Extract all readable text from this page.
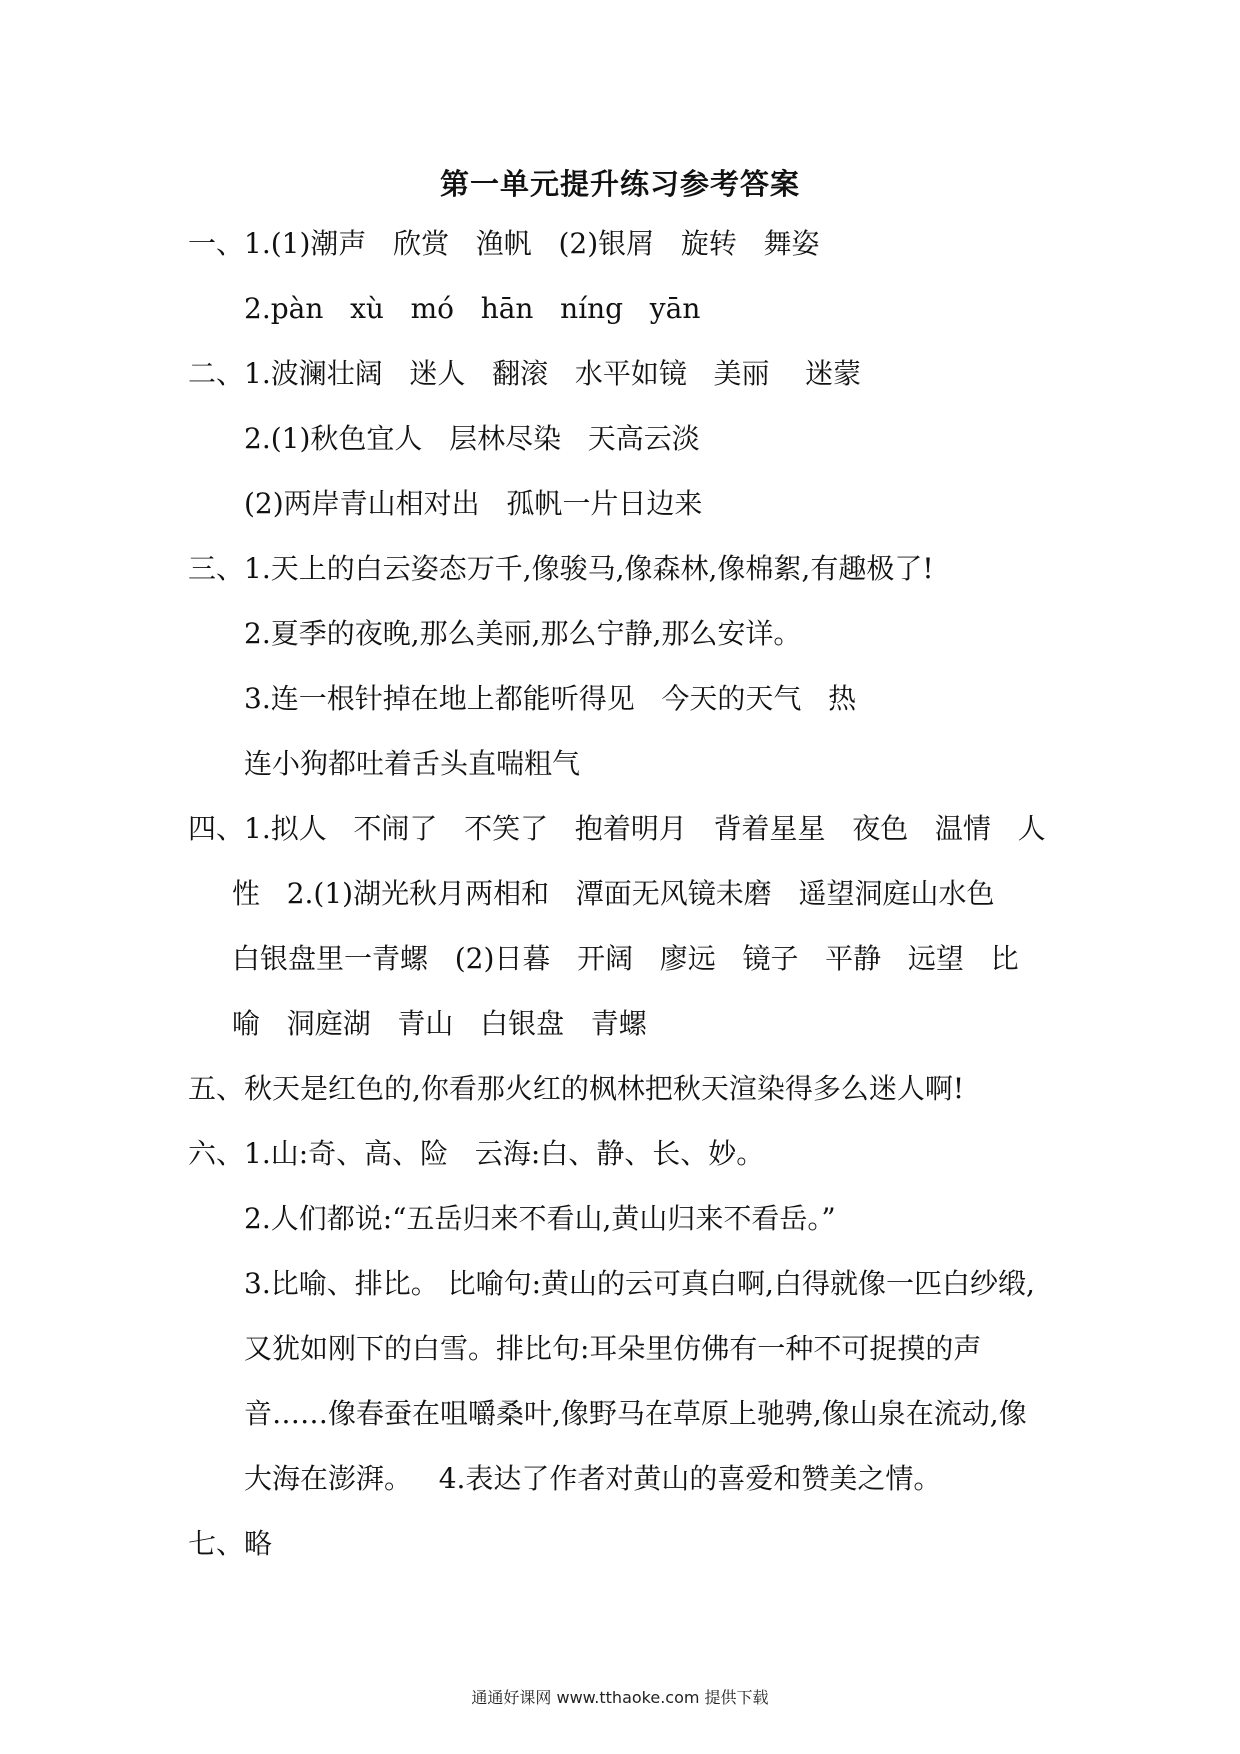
第一单元提升练习参考答案
一、1.(1)潮声   欣赏   渔帆   (2)银屑   旋转   舞姿
2.pàn   xù   mó   hān   níng   yān
二、1.波澜壮阔   迷人   翻滚   水平如镜   美丽    迷蒙
2.(1)秋色宜人   层林尽染   天高云淡
(2)两岸青山相对出   孤帆一片日边来
三、1.天上的白云姿态万千,像骏马,像森林,像棉絮,有趣极了!
2.夏季的夜晚,那么美丽,那么宁静,那么安详。
3.连一根针掉在地上都能听得见   今天的天气   热
连小狗都吐着舌头直喘粗气
四、1.拟人   不闹了   不笑了   抱着明月   背着星星   夜色   温情   人
性   2.(1)湖光秋月两相和   潭面无风镜未磨   遥望洞庭山水色
白银盘里一青螺   (2)日暮   开阔   廖远   镜子   平静   远望   比
喻   洞庭湖   青山   白银盘   青螺
五、秋天是红色的,你看那火红的枫林把秋天渲染得多么迷人啊!
六、1.山:奇、高、险   云海:白、静、长、妙。
2.人们都说:“五岳归来不看山,黄山归来不看岳。”
3.比喻、排比。 比喻句:黄山的云可真白啊,白得就像一匹白纱缎,
又犹如刚下的白雪。排比句:耳朵里仿佛有一种不可捉摸的声
音……像春蚕在咀嚼桑叶,像野马在草原上驰骋,像山泉在流动,像
大海在澎湃。   4.表达了作者对黄山的喜爱和赞美之情。
七、略
通通好课网 www.tthaoke.com 提供下载
